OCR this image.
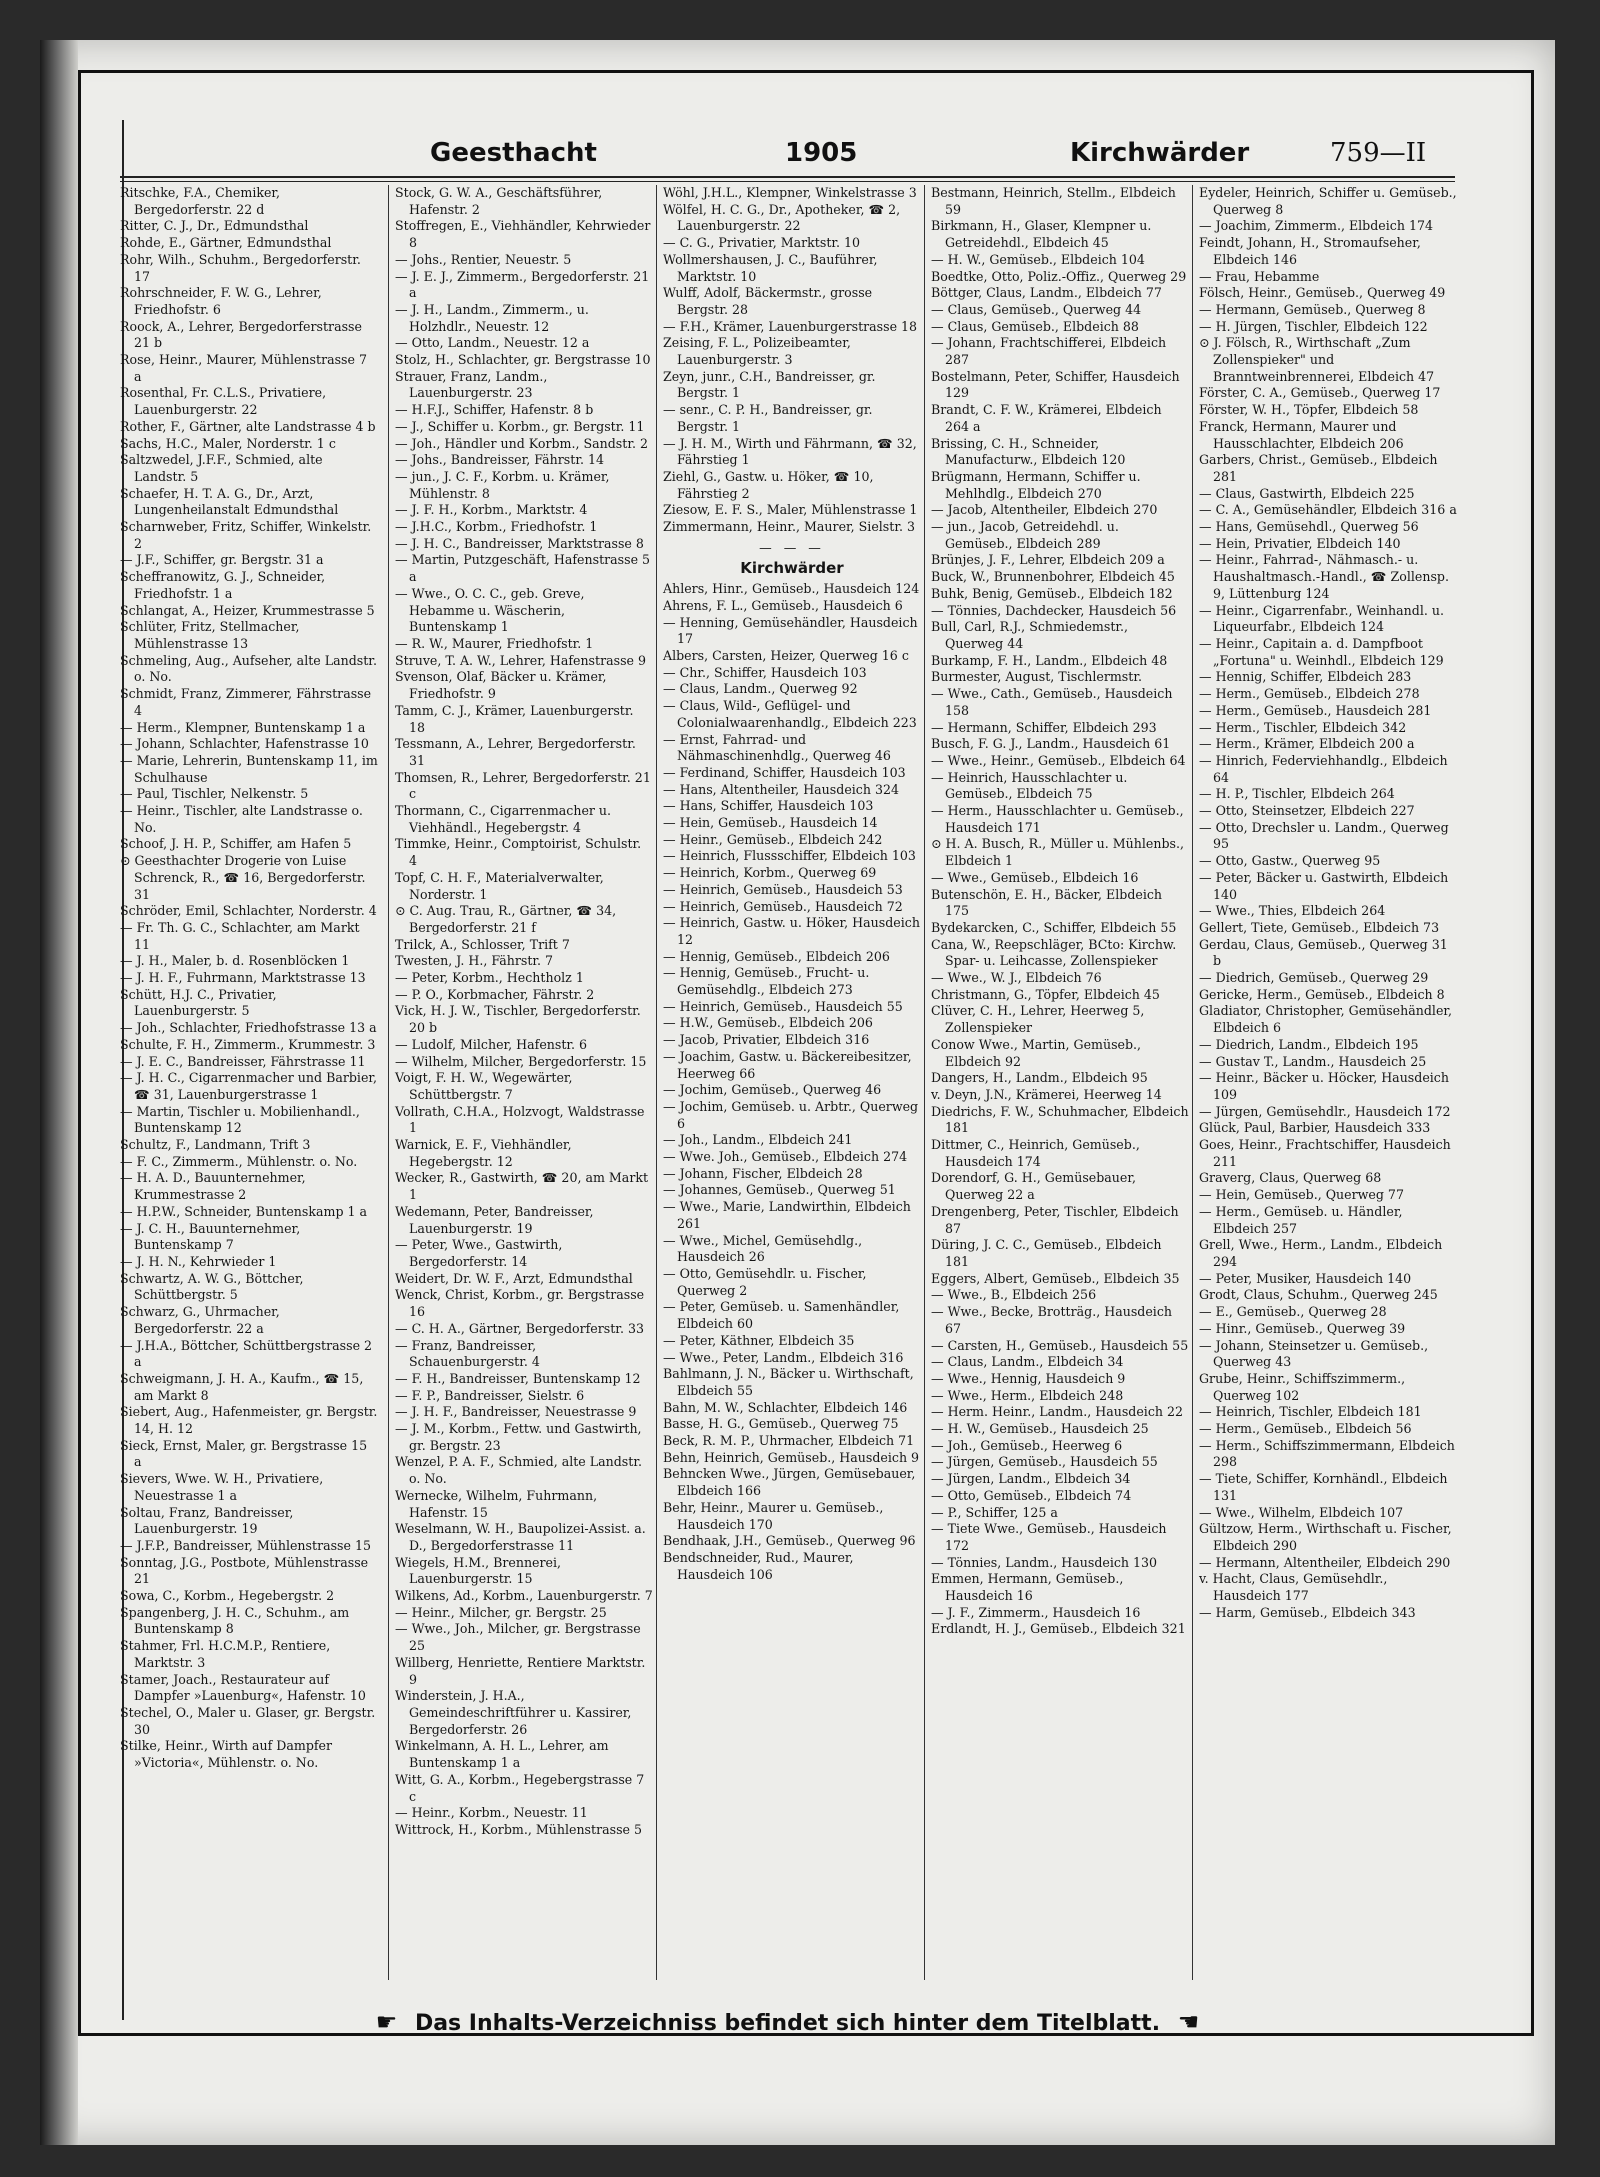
Geesthacht	1905	Kirchwärder	759—II

Ritschke, F.A., Chemiker, Bergedorferstr. 22 d

Ritter, C. J., Dr., Edmundsthal

Rohde, E., Gärtner, Edmundsthal

Rohr, Wilh., Schuhm., Bergedorferstr. 17

Rohrschneider, F. W. G., Lehrer, Friedhofstr. 6

Roock, A., Lehrer, Bergedorferstrasse 21 b

Rose, Heinr., Maurer, Mühlenstrasse 7 a

Rosenthal, Fr. C.L.S., Privatiere, Lauenburgerstr. 22

Rother, F., Gärtner, alte Landstrasse 4 b

Sachs, H.C., Maler, Norderstr. 1 c

Saltzwedel, J.F.F., Schmied, alte Landstr. 5

Schaefer, H. T. A. G., Dr., Arzt, Lungenheilanstalt Edmundsthal

Scharnweber, Fritz, Schiffer, Winkelstr. 2

— J.F., Schiffer, gr. Bergstr. 31 a

Scheffranowitz, G. J., Schneider, Friedhofstr. 1 a

Schlangat, A., Heizer, Krummestrasse 5

Schlüter, Fritz, Stellmacher, Mühlenstrasse 13

Schmeling, Aug., Aufseher, alte Landstr. o. No.

Schmidt, Franz, Zimmerer, Fährstrasse 4

— Herm., Klempner, Buntenskamp 1 a

— Johann, Schlachter, Hafenstrasse 10

— Marie, Lehrerin, Buntenskamp 11, im Schulhause

— Paul, Tischler, Nelkenstr. 5

— Heinr., Tischler, alte Landstrasse o. No.

Schoof, J. H. P., Schiffer, am Hafen 5

⊙ Geesthachter Drogerie von Luise Schrenck, R., ☎ 16, Bergedorferstr. 31

Schröder, Emil, Schlachter, Norderstr. 4

— Fr. Th. G. C., Schlachter, am Markt 11

— J. H., Maler, b. d. Rosenblöcken 1

— J. H. F., Fuhrmann, Marktstrasse 13

Schütt, H.J. C., Privatier, Lauenburgerstr. 5

— Joh., Schlachter, Friedhofstrasse 13 a

Schulte, F. H., Zimmerm., Krummestr. 3

— J. E. C., Bandreisser, Fährstrasse 11

— J. H. C., Cigarrenmacher und Barbier, ☎ 31, Lauenburgerstrasse 1

— Martin, Tischler u. Mobilienhandl., Buntenskamp 12

Schultz, F., Landmann, Trift 3

— F. C., Zimmerm., Mühlenstr. o. No.

— H. A. D., Bauunternehmer, Krummestrasse 2

— H.P.W., Schneider, Buntenskamp 1 a

— J. C. H., Bauunternehmer, Buntenskamp 7

— J. H. N., Kehrwieder 1

Schwartz, A. W. G., Böttcher, Schüttbergstr. 5

Schwarz, G., Uhrmacher, Bergedorferstr. 22 a

— J.H.A., Böttcher, Schüttbergstrasse 2 a

Schweigmann, J. H. A., Kaufm., ☎ 15, am Markt 8

Siebert, Aug., Hafenmeister, gr. Bergstr. 14, H. 12

Sieck, Ernst, Maler, gr. Bergstrasse 15 a

Sievers, Wwe. W. H., Privatiere, Neuestrasse 1 a

Soltau, Franz, Bandreisser, Lauenburgerstr. 19

— J.F.P., Bandreisser, Mühlenstrasse 15

Sonntag, J.G., Postbote, Mühlenstrasse 21

Sowa, C., Korbm., Hegebergstr. 2

Spangenberg, J. H. C., Schuhm., am Buntenskamp 8

Stahmer, Frl. H.C.M.P., Rentiere, Marktstr. 3

Stamer, Joach., Restaurateur auf Dampfer »Lauenburg«, Hafenstr. 10

Stechel, O., Maler u. Glaser, gr. Bergstr. 30

Stilke, Heinr., Wirth auf Dampfer »Victoria«, Mühlenstr. o. No.

Stock, G. W. A., Geschäftsführer, Hafenstr. 2

Stoffregen, E., Viehhändler, Kehrwieder 8

— Johs., Rentier, Neuestr. 5

— J. E. J., Zimmerm., Bergedorferstr. 21 a

— J. H., Landm., Zimmerm., u. Holzhdlr., Neuestr. 12

— Otto, Landm., Neuestr. 12 a

Stolz, H., Schlachter, gr. Bergstrasse 10

Strauer, Franz, Landm., Lauenburgerstr. 23

— H.F.J., Schiffer, Hafenstr. 8 b

— J., Schiffer u. Korbm., gr. Bergstr. 11

— Joh., Händler und Korbm., Sandstr. 2

— Johs., Bandreisser, Fährstr. 14

— jun., J. C. F., Korbm. u. Krämer, Mühlenstr. 8

— J. F. H., Korbm., Marktstr. 4

— J.H.C., Korbm., Friedhofstr. 1

— J. H. C., Bandreisser, Marktstrasse 8

— Martin, Putzgeschäft, Hafenstrasse 5 a

— Wwe., O. C. C., geb. Greve, Hebamme u. Wäscherin, Buntenskamp 1

— R. W., Maurer, Friedhofstr. 1

Struve, T. A. W., Lehrer, Hafenstrasse 9

Svenson, Olaf, Bäcker u. Krämer, Friedhofstr. 9

Tamm, C. J., Krämer, Lauenburgerstr. 18

Tessmann, A., Lehrer, Bergedorferstr. 31

Thomsen, R., Lehrer, Bergedorferstr. 21 c

Thormann, C., Cigarrenmacher u. Viehhändl., Hegebergstr. 4

Timmke, Heinr., Comptoirist, Schulstr. 4

Topf, C. H. F., Materialverwalter, Norderstr. 1

⊙ C. Aug. Trau, R., Gärtner, ☎ 34, Bergedorferstr. 21 f

Trilck, A., Schlosser, Trift 7

Twesten, J. H., Fährstr. 7

— Peter, Korbm., Hechtholz 1

— P. O., Korbmacher, Fährstr. 2

Vick, H. J. W., Tischler, Bergedorferstr. 20 b

— Ludolf, Milcher, Hafenstr. 6

— Wilhelm, Milcher, Bergedorferstr. 15

Voigt, F. H. W., Wegewärter, Schüttbergstr. 7

Vollrath, C.H.A., Holzvogt, Waldstrasse 1

Warnick, E. F., Viehhändler, Hegebergstr. 12

Wecker, R., Gastwirth, ☎ 20, am Markt 1

Wedemann, Peter, Bandreisser, Lauenburgerstr. 19

— Peter, Wwe., Gastwirth, Bergedorferstr. 14

Weidert, Dr. W. F., Arzt, Edmundsthal

Wenck, Christ, Korbm., gr. Bergstrasse 16

— C. H. A., Gärtner, Bergedorferstr. 33

— Franz, Bandreisser, Schauenburgerstr. 4

— F. H., Bandreisser, Buntenskamp 12

— F. P., Bandreisser, Sielstr. 6

— J. H. F., Bandreisser, Neuestrasse 9

— J. M., Korbm., Fettw. und Gastwirth, gr. Bergstr. 23

Wenzel, P. A. F., Schmied, alte Landstr. o. No.

Wernecke, Wilhelm, Fuhrmann, Hafenstr. 15

Weselmann, W. H., Baupolizei-Assist. a. D., Bergedorferstrasse 11

Wiegels, H.M., Brennerei, Lauenburgerstr. 15

Wilkens, Ad., Korbm., Lauenburgerstr. 7

— Heinr., Milcher, gr. Bergstr. 25

— Wwe., Joh., Milcher, gr. Bergstrasse 25

Willberg, Henriette, Rentiere Marktstr. 9

Winderstein, J. H.A., Gemeindeschriftführer u. Kassirer, Bergedorferstr. 26

Winkelmann, A. H. L., Lehrer, am Buntenskamp 1 a

Witt, G. A., Korbm., Hegebergstrasse 7 c

— Heinr., Korbm., Neuestr. 11

Wittrock, H., Korbm., Mühlenstrasse 5

Wöhl, J.H.L., Klempner, Winkelstrasse 3

Wölfel, H. C. G., Dr., Apotheker, ☎ 2, Lauenburgerstr. 22

— C. G., Privatier, Marktstr. 10

Wollmershausen, J. C., Bauführer, Marktstr. 10

Wulff, Adolf, Bäckermstr., grosse Bergstr. 28

— F.H., Krämer, Lauenburgerstrasse 18

Zeising, F. L., Polizeibeamter, Lauenburgerstr. 3

Zeyn, junr., C.H., Bandreisser, gr. Bergstr. 1

— senr., C. P. H., Bandreisser, gr. Bergstr. 1

— J. H. M., Wirth und Fährmann, ☎ 32, Fährstieg 1

Ziehl, G., Gastw. u. Höker, ☎ 10, Fährstieg 2

Ziesow, E. F. S., Maler, Mühlenstrasse 1

Zimmermann, Heinr., Maurer, Sielstr. 3

— — —
Kirchwärder

Ahlers, Hinr., Gemüseb., Hausdeich 124

Ahrens, F. L., Gemüseb., Hausdeich 6

— Henning, Gemüsehändler, Hausdeich 17

Albers, Carsten, Heizer, Querweg 16 c

— Chr., Schiffer, Hausdeich 103

— Claus, Landm., Querweg 92

— Claus, Wild-, Geflügel- und Colonialwaarenhandlg., Elbdeich 223

— Ernst, Fahrrad- und Nähmaschinenhdlg., Querweg 46

— Ferdinand, Schiffer, Hausdeich 103

— Hans, Altentheiler, Hausdeich 324

— Hans, Schiffer, Hausdeich 103

— Hein, Gemüseb., Hausdeich 14

— Heinr., Gemüseb., Elbdeich 242

— Heinrich, Flussschiffer, Elbdeich 103

— Heinrich, Korbm., Querweg 69

— Heinrich, Gemüseb., Hausdeich 53

— Heinrich, Gemüseb., Hausdeich 72

— Heinrich, Gastw. u. Höker, Hausdeich 12

— Hennig, Gemüseb., Elbdeich 206

— Hennig, Gemüseb., Frucht- u. Gemüsehdlg., Elbdeich 273

— Heinrich, Gemüseb., Hausdeich 55

— H.W., Gemüseb., Elbdeich 206

— Jacob, Privatier, Elbdeich 316

— Joachim, Gastw. u. Bäckereibesitzer, Heerweg 66

— Jochim, Gemüseb., Querweg 46

— Jochim, Gemüseb. u. Arbtr., Querweg 6

— Joh., Landm., Elbdeich 241

— Wwe. Joh., Gemüseb., Elbdeich 274

— Johann, Fischer, Elbdeich 28

— Johannes, Gemüseb., Querweg 51

— Wwe., Marie, Landwirthin, Elbdeich 261

— Wwe., Michel, Gemüsehdlg., Hausdeich 26

— Otto, Gemüsehdlr. u. Fischer, Querweg 2

— Peter, Gemüseb. u. Samenhändler, Elbdeich 60

— Peter, Käthner, Elbdeich 35

— Wwe., Peter, Landm., Elbdeich 316

Bahlmann, J. N., Bäcker u. Wirthschaft, Elbdeich 55

Bahn, M. W., Schlachter, Elbdeich 146

Basse, H. G., Gemüseb., Querweg 75

Beck, R. M. P., Uhrmacher, Elbdeich 71

Behn, Heinrich, Gemüseb., Hausdeich 9

Behncken Wwe., Jürgen, Gemüsebauer, Elbdeich 166

Behr, Heinr., Maurer u. Gemüseb., Hausdeich 170

Bendhaak, J.H., Gemüseb., Querweg 96

Bendschneider, Rud., Maurer, Hausdeich 106

Bestmann, Heinrich, Stellm., Elbdeich 59

Birkmann, H., Glaser, Klempner u. Getreidehdl., Elbdeich 45

— H. W., Gemüseb., Elbdeich 104

Boedtke, Otto, Poliz.-Offiz., Querweg 29

Böttger, Claus, Landm., Elbdeich 77

— Claus, Gemüseb., Querweg 44

— Claus, Gemüseb., Elbdeich 88

— Johann, Frachtschifferei, Elbdeich 287

Bostelmann, Peter, Schiffer, Hausdeich 129

Brandt, C. F. W., Krämerei, Elbdeich 264 a

Brissing, C. H., Schneider, Manufacturw., Elbdeich 120

Brügmann, Hermann, Schiffer u. Mehlhdlg., Elbdeich 270

— Jacob, Altentheiler, Elbdeich 270

— jun., Jacob, Getreidehdl. u. Gemüseb., Elbdeich 289

Brünjes, J. F., Lehrer, Elbdeich 209 a

Buck, W., Brunnenbohrer, Elbdeich 45

Buhk, Benig, Gemüseb., Elbdeich 182

— Tönnies, Dachdecker, Hausdeich 56

Bull, Carl, R.J., Schmiedemstr., Querweg 44

Burkamp, F. H., Landm., Elbdeich 48

Burmester, August, Tischlermstr.

— Wwe., Cath., Gemüseb., Hausdeich 158

— Hermann, Schiffer, Elbdeich 293

Busch, F. G. J., Landm., Hausdeich 61

— Wwe., Heinr., Gemüseb., Elbdeich 64

— Heinrich, Hausschlachter u. Gemüseb., Elbdeich 75

— Herm., Hausschlachter u. Gemüseb., Hausdeich 171

⊙ H. A. Busch, R., Müller u. Mühlenbs., Elbdeich 1

— Wwe., Gemüseb., Elbdeich 16

Butenschön, E. H., Bäcker, Elbdeich 175

Bydekarcken, C., Schiffer, Elbdeich 55

Cana, W., Reepschläger, BCto: Kirchw. Spar- u. Leihcasse, Zollenspieker

— Wwe., W. J., Elbdeich 76

Christmann, G., Töpfer, Elbdeich 45

Clüver, C. H., Lehrer, Heerweg 5, Zollenspieker

Conow Wwe., Martin, Gemüseb., Elbdeich 92

Dangers, H., Landm., Elbdeich 95

v. Deyn, J.N., Krämerei, Heerweg 14

Diedrichs, F. W., Schuhmacher, Elbdeich 181

Dittmer, C., Heinrich, Gemüseb., Hausdeich 174

Dorendorf, G. H., Gemüsebauer, Querweg 22 a

Drengenberg, Peter, Tischler, Elbdeich 87

Düring, J. C. C., Gemüseb., Elbdeich 181

Eggers, Albert, Gemüseb., Elbdeich 35

— Wwe., B., Elbdeich 256

— Wwe., Becke, Brotträg., Hausdeich 67

— Carsten, H., Gemüseb., Hausdeich 55

— Claus, Landm., Elbdeich 34

— Wwe., Hennig, Hausdeich 9

— Wwe., Herm., Elbdeich 248

— Herm. Heinr., Landm., Hausdeich 22

— H. W., Gemüseb., Hausdeich 25

— Joh., Gemüseb., Heerweg 6

— Jürgen, Gemüseb., Hausdeich 55

— Jürgen, Landm., Elbdeich 34

— Otto, Gemüseb., Elbdeich 74

— P., Schiffer, 125 a

— Tiete Wwe., Gemüseb., Hausdeich 172

— Tönnies, Landm., Hausdeich 130

Emmen, Hermann, Gemüseb., Hausdeich 16

— J. F., Zimmerm., Hausdeich 16

Erdlandt, H. J., Gemüseb., Elbdeich 321

Eydeler, Heinrich, Schiffer u. Gemüseb., Querweg 8

— Joachim, Zimmerm., Elbdeich 174

Feindt, Johann, H., Stromaufseher, Elbdeich 146

— Frau, Hebamme

Fölsch, Heinr., Gemüseb., Querweg 49

— Hermann, Gemüseb., Querweg 8

— H. Jürgen, Tischler, Elbdeich 122

⊙ J. Fölsch, R., Wirthschaft „Zum Zollenspieker" und Branntweinbrennerei, Elbdeich 47

Förster, C. A., Gemüseb., Querweg 17

Förster, W. H., Töpfer, Elbdeich 58

Franck, Hermann, Maurer und Hausschlachter, Elbdeich 206

Garbers, Christ., Gemüseb., Elbdeich 281

— Claus, Gastwirth, Elbdeich 225

— C. A., Gemüsehändler, Elbdeich 316 a

— Hans, Gemüsehdl., Querweg 56

— Hein, Privatier, Elbdeich 140

— Heinr., Fahrrad-, Nähmasch.- u. Haushaltmasch.-Handl., ☎ Zollensp. 9, Lüttenburg 124

— Heinr., Cigarrenfabr., Weinhandl. u. Liqueurfabr., Elbdeich 124

— Heinr., Capitain a. d. Dampfboot „Fortuna" u. Weinhdl., Elbdeich 129

— Hennig, Schiffer, Elbdeich 283

— Herm., Gemüseb., Elbdeich 278

— Herm., Gemüseb., Hausdeich 281

— Herm., Tischler, Elbdeich 342

— Herm., Krämer, Elbdeich 200 a

— Hinrich, Federviehhandlg., Elbdeich 64

— H. P., Tischler, Elbdeich 264

— Otto, Steinsetzer, Elbdeich 227

— Otto, Drechsler u. Landm., Querweg 95

— Otto, Gastw., Querweg 95

— Peter, Bäcker u. Gastwirth, Elbdeich 140

— Wwe., Thies, Elbdeich 264

Gellert, Tiete, Gemüseb., Elbdeich 73

Gerdau, Claus, Gemüseb., Querweg 31 b

— Diedrich, Gemüseb., Querweg 29

Gericke, Herm., Gemüseb., Elbdeich 8

Gladiator, Christopher, Gemüsehändler, Elbdeich 6

— Diedrich, Landm., Elbdeich 195

— Gustav T., Landm., Hausdeich 25

— Heinr., Bäcker u. Höcker, Hausdeich 109

— Jürgen, Gemüsehdlr., Hausdeich 172

Glück, Paul, Barbier, Hausdeich 333

Goes, Heinr., Frachtschiffer, Hausdeich 211

Graverg, Claus, Querweg 68

— Hein, Gemüseb., Querweg 77

— Herm., Gemüseb. u. Händler, Elbdeich 257

Grell, Wwe., Herm., Landm., Elbdeich 294

— Peter, Musiker, Hausdeich 140

Grodt, Claus, Schuhm., Querweg 245

— E., Gemüseb., Querweg 28

— Hinr., Gemüseb., Querweg 39

— Johann, Steinsetzer u. Gemüseb., Querweg 43

Grube, Heinr., Schiffszimmerm., Querweg 102

— Heinrich, Tischler, Elbdeich 181

— Herm., Gemüseb., Elbdeich 56

— Herm., Schiffszimmermann, Elbdeich 298

— Tiete, Schiffer, Kornhändl., Elbdeich 131

— Wwe., Wilhelm, Elbdeich 107

Gültzow, Herm., Wirthschaft u. Fischer, Elbdeich 290

— Hermann, Altentheiler, Elbdeich 290

v. Hacht, Claus, Gemüsehdlr., Hausdeich 177

— Harm, Gemüseb., Elbdeich 343

☛ Das Inhalts-Verzeichniss befindet sich hinter dem Titelblatt. ☚
